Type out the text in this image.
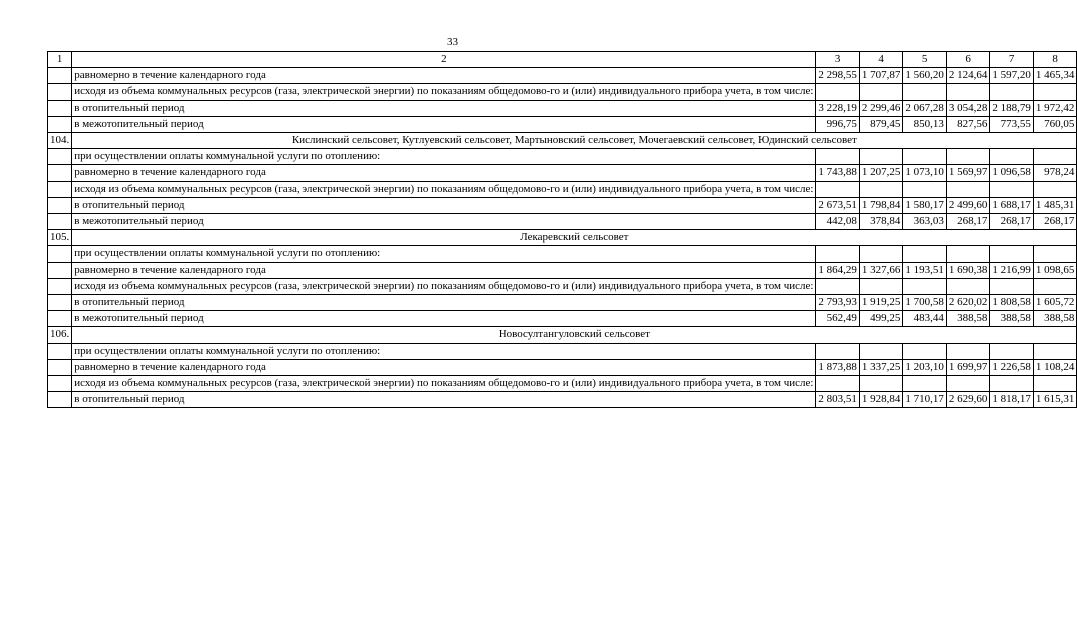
33
1	2	3	4	5	6	7	8
	равномерно в течение календарного года	2 298,55	1 707,87	1 560,20	2 124,64	1 597,20	1 465,34
	исходя из объема коммунальных ресурсов (газа, электрической энергии) по показаниям общедомово-го и (или) индивидуального прибора учета, в том числе:						
	в отопительный период	3 228,19	2 299,46	2 067,28	3 054,28	2 188,79	1 972,42
	в межотопительный период	996,75	879,45	850,13	827,56	773,55	760,05
104.	Кислинский сельсовет, Кутлуевский сельсовет, Мартыновский сельсовет, Мочегаевский сельсовет, Юдинский сельсовет						
	при осуществлении оплаты коммунальной услуги по отоплению:						
	равномерно в течение календарного года	1 743,88	1 207,25	1 073,10	1 569,97	1 096,58	978,24
	исходя из объема коммунальных ресурсов (газа, электрической энергии) по показаниям общедомово-го и (или) индивидуального прибора учета, в том числе:						
	в отопительный период	2 673,51	1 798,84	1 580,17	2 499,60	1 688,17	1 485,31
	в межотопительный период	442,08	378,84	363,03	268,17	268,17	268,17
105.	Лекаревский сельсовет						
	при осуществлении оплаты коммунальной услуги по отоплению:						
	равномерно в течение календарного года	1 864,29	1 327,66	1 193,51	1 690,38	1 216,99	1 098,65
	исходя из объема коммунальных ресурсов (газа, электрической энергии) по показаниям общедомово-го и (или) индивидуального прибора учета, в том числе:						
	в отопительный период	2 793,93	1 919,25	1 700,58	2 620,02	1 808,58	1 605,72
	в межотопительный период	562,49	499,25	483,44	388,58	388,58	388,58
106.	Новосултангуловский сельсовет						
	при осуществлении оплаты коммунальной услуги по отоплению:						
	равномерно в течение календарного года	1 873,88	1 337,25	1 203,10	1 699,97	1 226,58	1 108,24
	исходя из объема коммунальных ресурсов (газа, электрической энергии) по показаниям общедомово-го и (или) индивидуального прибора учета, в том числе:						
	в отопительный период	2 803,51	1 928,84	1 710,17	2 629,60	1 818,17	1 615,31
